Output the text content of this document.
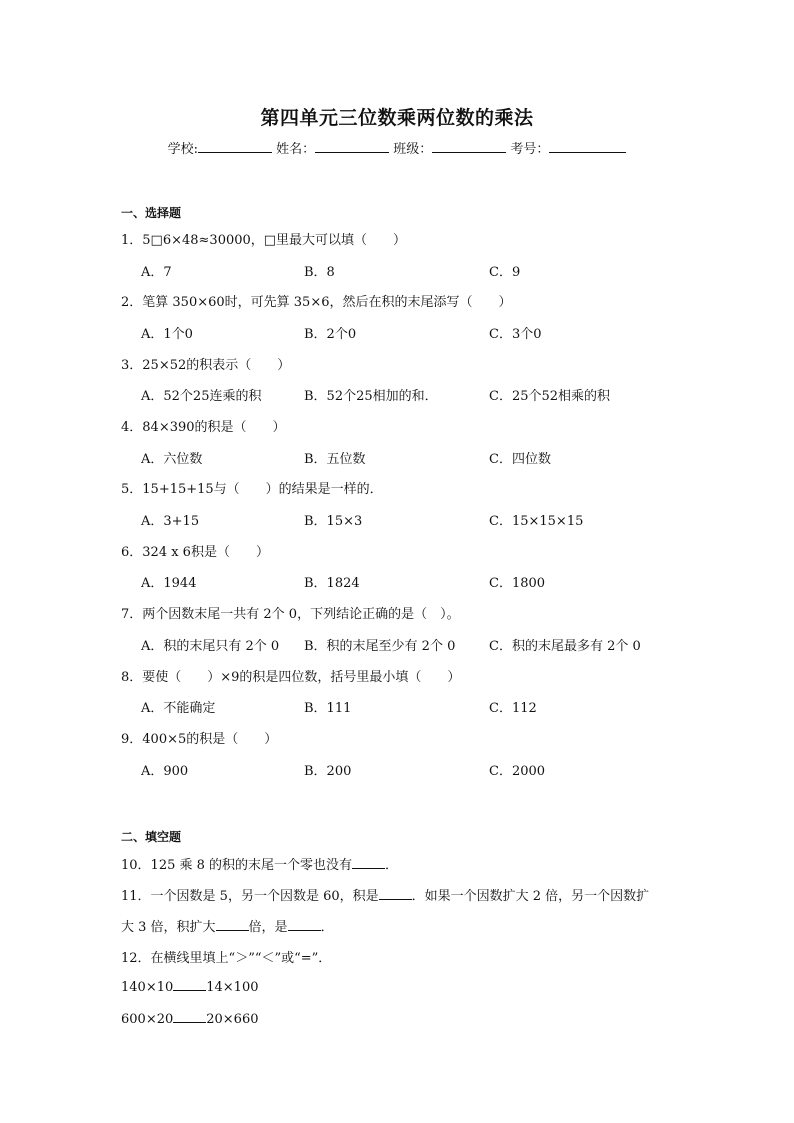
第四单元三位数乘两位数的乘法
学校:	姓名：	班级：	考号：
一、选择题
1．5□6×48≈30000，□里最大可以填（　　）
A．7	B．8	C．9
2．笔算 350×60时，可先算 35×6，然后在积的末尾添写（　　）
A．1个0	B．2个0	C．3个0
3．25×52的积表示（　　）
A．52个25连乘的积	B．52个25相加的和．	C．25个52相乘的积
4．84×390的积是（　　）
A．六位数	B．五位数	C．四位数
5．15+15+15与（　　）的结果是一样的．
A．3+15	B．15×3	C．15×15×15
6．324 x 6积是（　　）
A．1944	B．1824	C．1800
7．两个因数末尾一共有 2个 0，下列结论正确的是（　）。
A．积的末尾只有 2个 0 B．积的末尾至少有 2个 0	C．积的末尾最多有 2个 0
8．要使（　　）×9的积是四位数，括号里最小填（　　）
A．不能确定	B．111	C．112
9．400×5的积是（　　）
A．900	B．200	C．2000
二、填空题
10．125 乘 8 的积的末尾一个零也没有	．
11．一个因数是 5，另一个因数是 60，积是	．如果一个因数扩大 2 倍，另一个因数扩
大 3 倍，积扩大	倍，是	．
12．在横线里填上“＞”“＜”或“=”．
140×10	14×100
600×20	20×660
